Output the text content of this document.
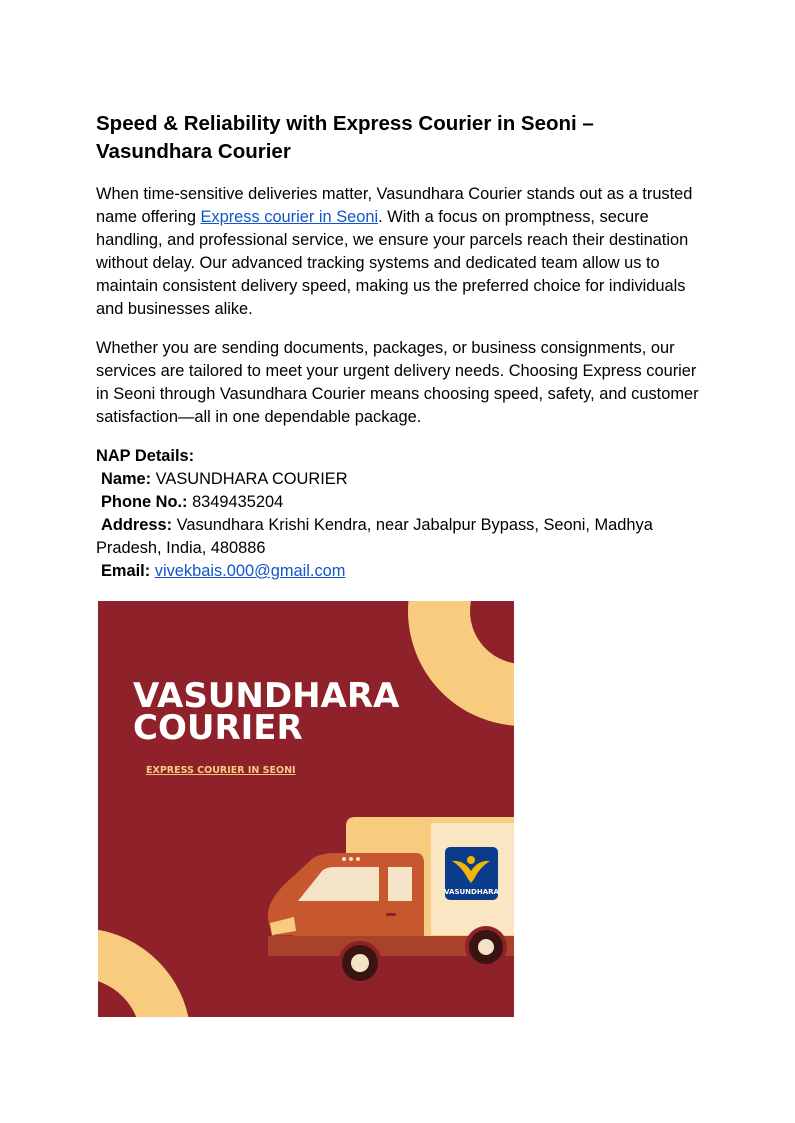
Speed & Reliability with Express Courier in Seoni – Vasundhara Courier

When time-sensitive deliveries matter, Vasundhara Courier stands out as a trusted name offering Express courier in Seoni. With a focus on promptness, secure handling, and professional service, we ensure your parcels reach their destination without delay. Our advanced tracking systems and dedicated team allow us to maintain consistent delivery speed, making us the preferred choice for individuals and businesses alike.

Whether you are sending documents, packages, or business consignments, our services are tailored to meet your urgent delivery needs. Choosing Express courier in Seoni through Vasundhara Courier means choosing speed, safety, and customer satisfaction—all in one dependable package.

NAP Details:
Name: VASUNDHARA COURIER
Phone No.: 8349435204
Address: Vasundhara Krishi Kendra, near Jabalpur Bypass, Seoni, Madhya Pradesh, India, 480886
Email: vivekbais.000@gmail.com
VASUNDHARA
COURIER
EXPRESS COURIER IN SEONI
VASUNDHARA
